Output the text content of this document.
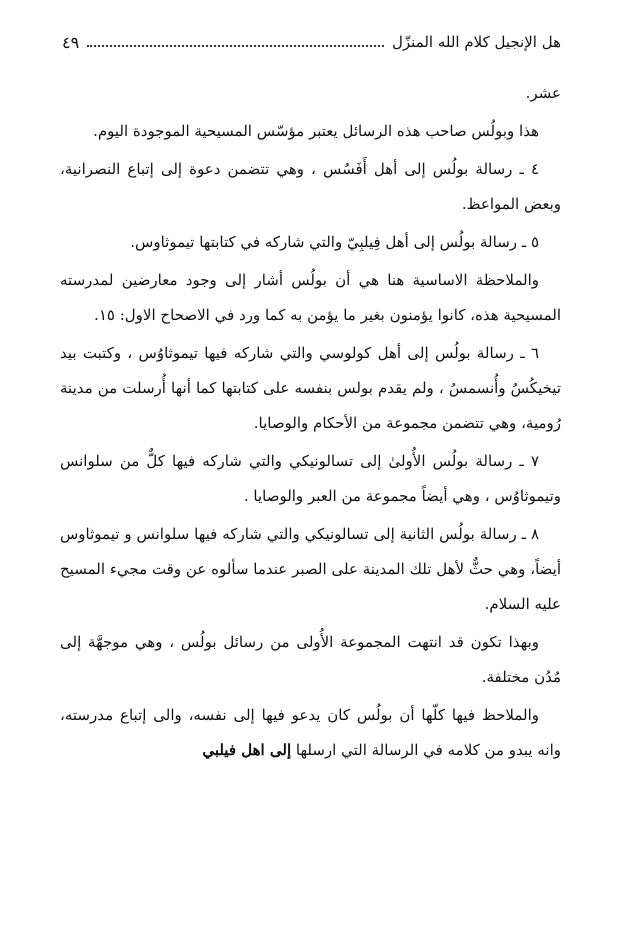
هل الإنجيل كلام الله المنزّل
٤٩

عشر.

هذا وبولُس صاحب هذه الرسائل يعتبر مؤسّس المسيحية الموجودة اليوم.

٤ ـ رسالة بولُس إلى أهل أَفَسُس ، وهي تتضمن دعوة إلى إتباع النصرانية، وبعض المواعظ.

٥ ـ رسالة بولُس إلى أهل فِيلبِيّ والتي شاركه في كتابتها تيموثاوس.

والملاحظة الاساسية هنا هي أن بولُس أشار إلى وجود معارضين لمدرسته المسيحية هذه، كانوا يؤمنون بغير ما يؤمن به كما ورد في الاصحاح الاول: ١٥.

٦ ـ رسالة بولُس إلى أهل كولوسي والتي شاركه فيها تيموثاوُس ، وكتبت بيد تيخيكُسُ وأُنسمسُ ، ولم يقدم بولس بنفسه على كتابتها كما أنها أُرسلت من مدينة رُومية، وهي تتضمن مجموعة من الأحكام والوصايا.

٧ ـ رسالة بولُس الأُولىٰ إلى تسالونيكي والتي شاركه فيها كلٌّ من سلوانس وتيموثاوُس ، وهي أيضاً مجموعة من العبر والوصايا .

٨ ـ رسالة بولُس الثانية إلى تسالونيكي والتي شاركه فيها سلوانس و تيموثاوس أيضاً، وهي حثٌّ لأهل تلك المدينة على الصبر عندما سألوه عن وقت مجيء المسيح عليه السلام.

وبهذا تكون قد انتهت المجموعة الأُولى من رسائل بولُس ، وهي موجهَّة إلى مُدُن مختلفة.

والملاحظ فيها كلّها أن بولُس كان يدعو فيها إلى نفسه، والى إتباع مدرسته، وانه يبدو من كلامه في الرسالة التي ارسلها إلى اهل فيلبي
